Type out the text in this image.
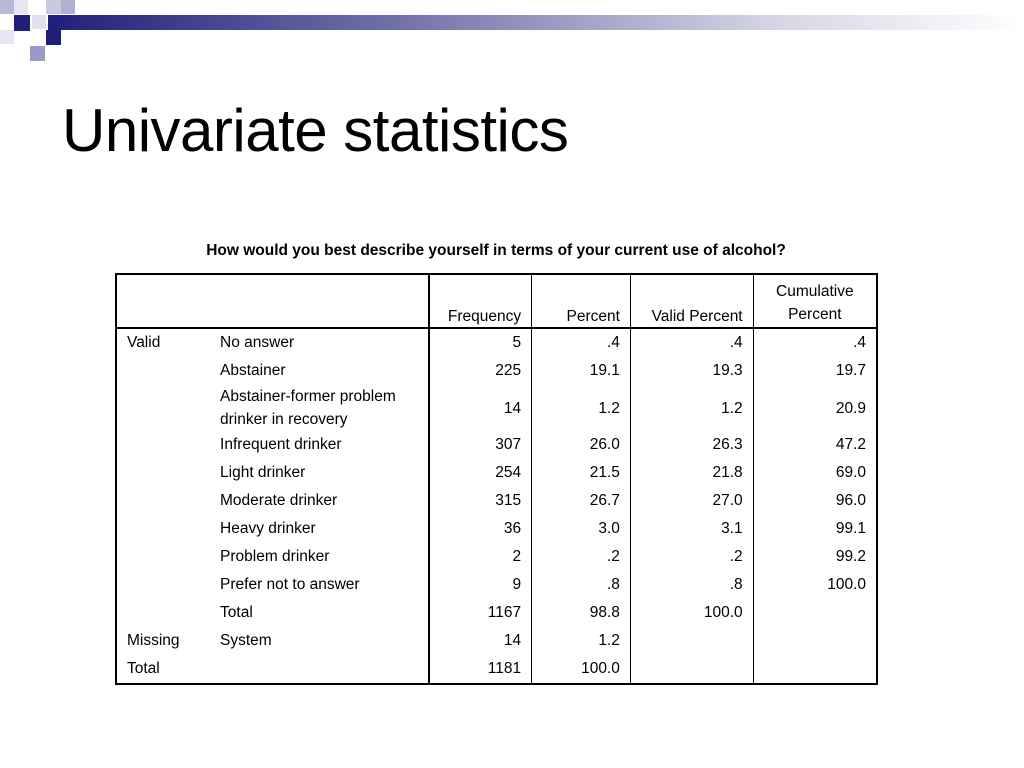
Univariate statistics
How would you best describe yourself in terms of your current use of alcohol?
		Frequency	Percent	Valid Percent	Cumulative
Percent
Valid	No answer	5	.4	.4	.4
	Abstainer	225	19.1	19.3	19.7
	Abstainer-former problem
drinker in recovery	14	1.2	1.2	20.9
	Infrequent drinker	307	26.0	26.3	47.2
	Light drinker	254	21.5	21.8	69.0
	Moderate drinker	315	26.7	27.0	96.0
	Heavy drinker	36	3.0	3.1	99.1
	Problem drinker	2	.2	.2	99.2
	Prefer not to answer	9	.8	.8	100.0
	Total	1167	98.8	100.0	
Missing	System	14	1.2		
Total		1181	100.0		
